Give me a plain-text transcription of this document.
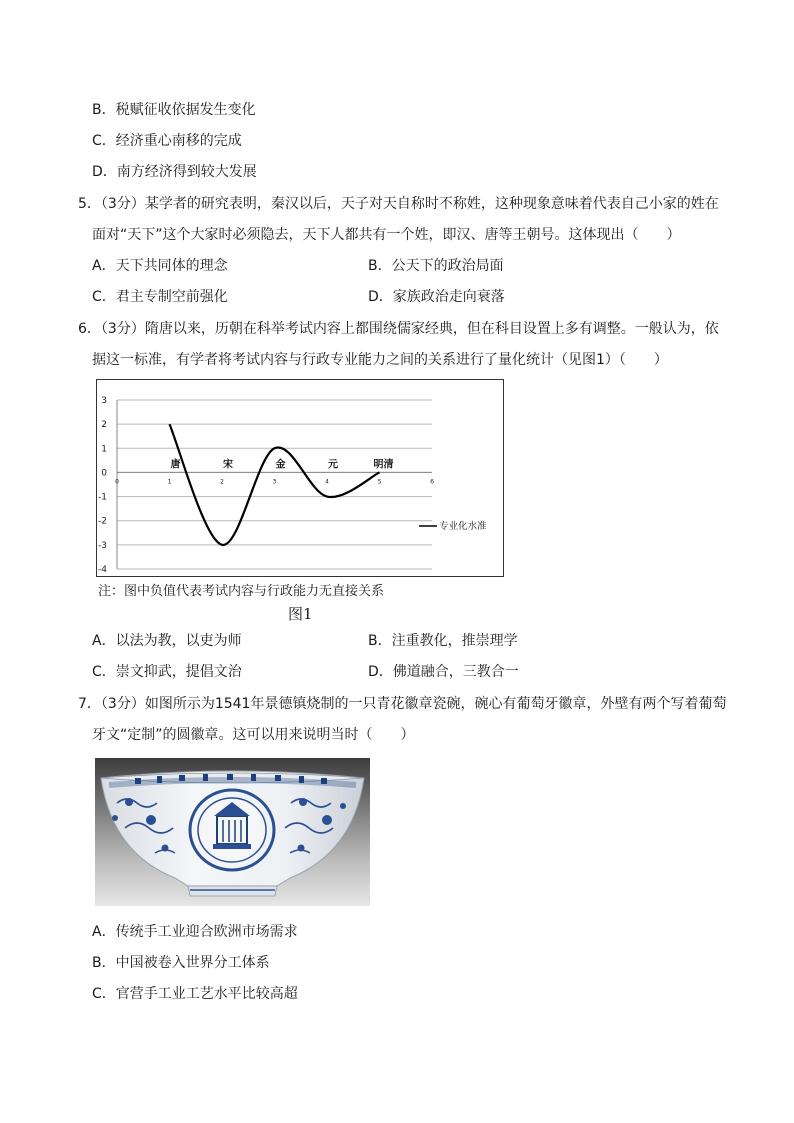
B．税赋征收依据发生变化
C．经济重心南移的完成
D．南方经济得到较大发展
5．（3分）某学者的研究表明，秦汉以后，天子对天自称时不称姓，这种现象意味着代表自己小家的姓在
面对“天下”这个大家时必须隐去，天下人都共有一个姓，即汉、唐等王朝号。这体现出（　　）
A．天下共同体的理念	B．公天下的政治局面
C．君主专制空前强化	D．家族政治走向衰落
6．（3分）隋唐以来，历朝在科举考试内容上都围绕儒家经典，但在科目设置上多有调整。一般认为，依
据这一标准，有学者将考试内容与行政专业能力之间的关系进行了量化统计（见图1）（　　）
3
2
1
0
-1
-2
-3
-4
0	1	2	3	4	5	6
唐	宋	金	元	明清
专业化水准
注：图中负值代表考试内容与行政能力无直接关系
图1
A．以法为教，以吏为师	B．注重教化，推崇理学
C．崇文抑武，提倡文治	D．佛道融合，三教合一
7．（3分）如图所示为1541年景德镇烧制的一只青花徽章瓷碗，碗心有葡萄牙徽章，外壁有两个写着葡萄
牙文“定制”的圆徽章。这可以用来说明当时（　　）
A．传统手工业迎合欧洲市场需求
B．中国被卷入世界分工体系
C．官营手工业工艺水平比较高超
